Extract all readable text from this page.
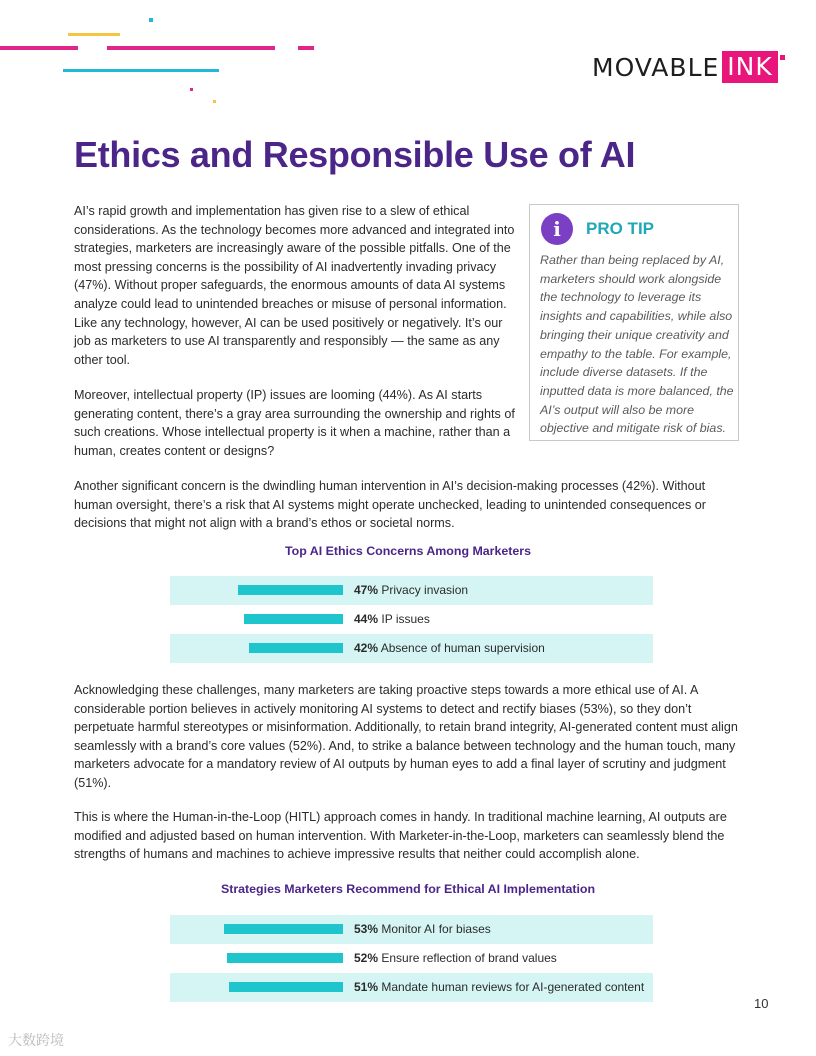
MOVABLE INK
Ethics and Responsible Use of AI

AI’s rapid growth and implementation has given rise to a slew of ethical considerations. As the technology becomes more advanced and integrated into strategies, marketers are increasingly aware of the possible pitfalls. One of the most pressing concerns is the possibility of AI inadvertently invading privacy (47%). Without proper safeguards, the enormous amounts of data AI systems analyze could lead to unintended breaches or misuse of personal information. Like any technology, however, AI can be used positively or negatively. It’s our job as marketers to use AI transparently and responsibly — the same as any other tool.

Moreover, intellectual property (IP) issues are looming (44%). As AI starts generating content, there’s a gray area surrounding the ownership and rights of such creations. Whose intellectual property is it when a machine, rather than a human, creates content or designs?

i	PRO TIP

Rather than being replaced by AI, marketers should work alongside the technology to leverage its insights and capabilities, while also bringing their unique creativity and empathy to the table. For example, include diverse datasets. If the inputted data is more balanced, the AI’s output will also be more objective and mitigate risk of bias.

Another significant concern is the dwindling human intervention in AI’s decision-making processes (42%). Without human oversight, there’s a risk that AI systems might operate unchecked, leading to unintended consequences or decisions that might not align with a brand’s ethos or societal norms.

Top AI Ethics Concerns Among Marketers
47% Privacy invasion
44% IP issues
42% Absence of human supervision

Acknowledging these challenges, many marketers are taking proactive steps towards a more ethical use of AI. A considerable portion believes in actively monitoring AI systems to detect and rectify biases (53%), so they don’t perpetuate harmful stereotypes or misinformation. Additionally, to retain brand integrity, AI-generated content must align seamlessly with a brand’s core values (52%). And, to strike a balance between technology and the human touch, many marketers advocate for a mandatory review of AI outputs by human eyes to add a final layer of scrutiny and judgment (51%).

This is where the Human-in-the-Loop (HITL) approach comes in handy. In traditional machine learning, AI outputs are modified and adjusted based on human intervention. With Marketer-in-the-Loop, marketers can seamlessly blend the strengths of humans and machines to achieve impressive results that neither could accomplish alone.

Strategies Marketers Recommend for Ethical AI Implementation
53% Monitor AI for biases
52% Ensure reflection of brand values
51% Mandate human reviews for AI-generated content
10
大数跨境
